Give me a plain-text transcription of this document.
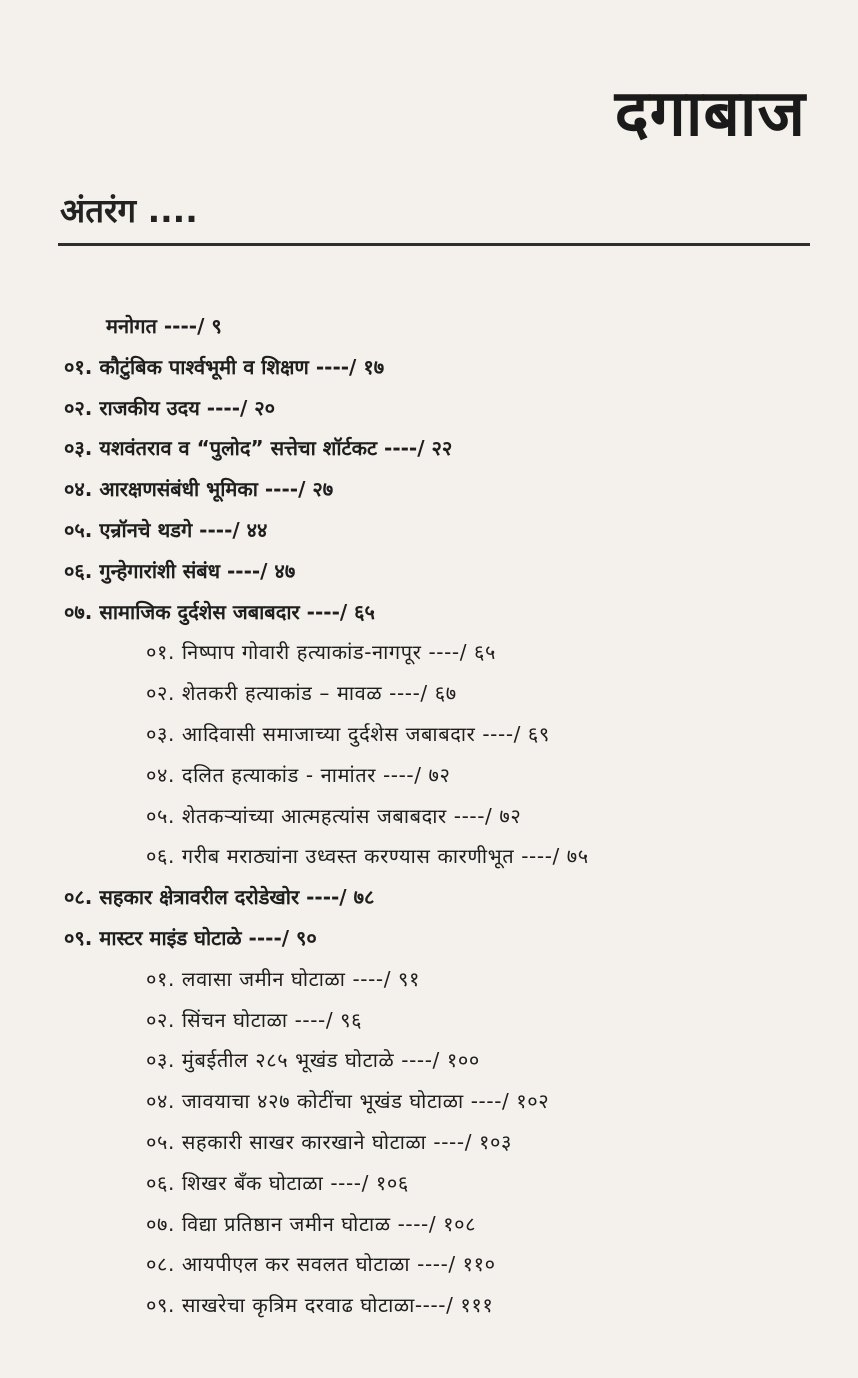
दगाबाज
अंतरंग ....
मनोगत ----/ ९
०१. कौटुंबिक पार्श्वभूमी व शिक्षण ----/ १७
०२. राजकीय उदय ----/ २०
०३. यशवंतराव व “पुलोद” सत्तेचा शॉर्टकट ----/ २२
०४. आरक्षणसंबंधी भूमिका ----/ २७
०५. एन्रॉनचे थडगे ----/ ४४
०६. गुन्हेगारांशी संबंध ----/ ४७
०७. सामाजिक दुर्दशेस जबाबदार ----/ ६५
०१. निष्पाप गोवारी हत्याकांड-नागपूर ----/ ६५
०२. शेतकरी हत्याकांड – मावळ ----/ ६७
०३. आदिवासी समाजाच्या दुर्दशेस जबाबदार ----/ ६९
०४. दलित हत्याकांड - नामांतर ----/ ७२
०५. शेतकऱ्यांच्या आत्महत्यांस जबाबदार ----/ ७२
०६. गरीब मराठ्यांना उध्वस्त करण्यास कारणीभूत ----/ ७५
०८. सहकार क्षेत्रावरील दरोडेखोर ----/ ७८
०९. मास्टर माइंड घोटाळे ----/ ९०
०१. लवासा जमीन घोटाळा ----/ ९१
०२. सिंचन घोटाळा ----/ ९६
०३. मुंबईतील २८५ भूखंड घोटाळे ----/ १००
०४. जावयाचा ४२७ कोटींचा भूखंड घोटाळा ----/ १०२
०५. सहकारी साखर कारखाने घोटाळा ----/ १०३
०६. शिखर बँक घोटाळा ----/ १०६
०७. विद्या प्रतिष्ठान जमीन घोटाळ ----/ १०८
०८. आयपीएल कर सवलत घोटाळा ----/ ११०
०९. साखरेचा कृत्रिम दरवाढ घोटाळा----/ १११
